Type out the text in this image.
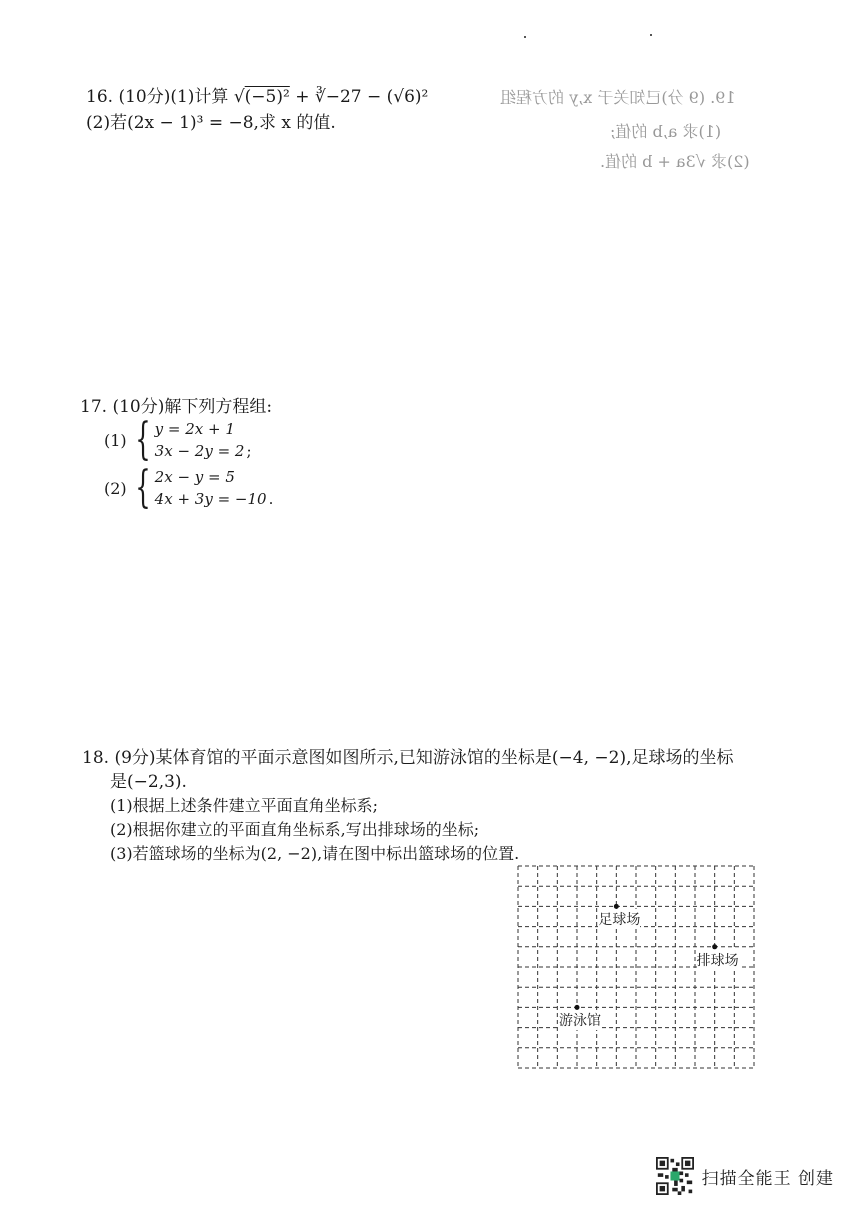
16. (10分)(1)计算 √(−5)² + ∛−27 − (√6)²
(2)若(2x − 1)³ = −8,求 x 的值.
19. (9 分)已知关于 x,y 的方程组
(1)求 a,b 的值;
(2)求 √3a + b 的值.
17. (10分)解下列方程组:
(1) { y = 2x + 1
3x − 2y = 2 ;
(2) { 2x − y = 5
4x + 3y = −10 .
18. (9分)某体育馆的平面示意图如图所示,已知游泳馆的坐标是(−4, −2),足球场的坐标
是(−2,3).
(1)根据上述条件建立平面直角坐标系;
(2)根据你建立的平面直角坐标系,写出排球场的坐标;
(3)若篮球场的坐标为(2, −2),请在图中标出篮球场的位置.
足球场
排球场
游泳馆
扫描全能王 创建
